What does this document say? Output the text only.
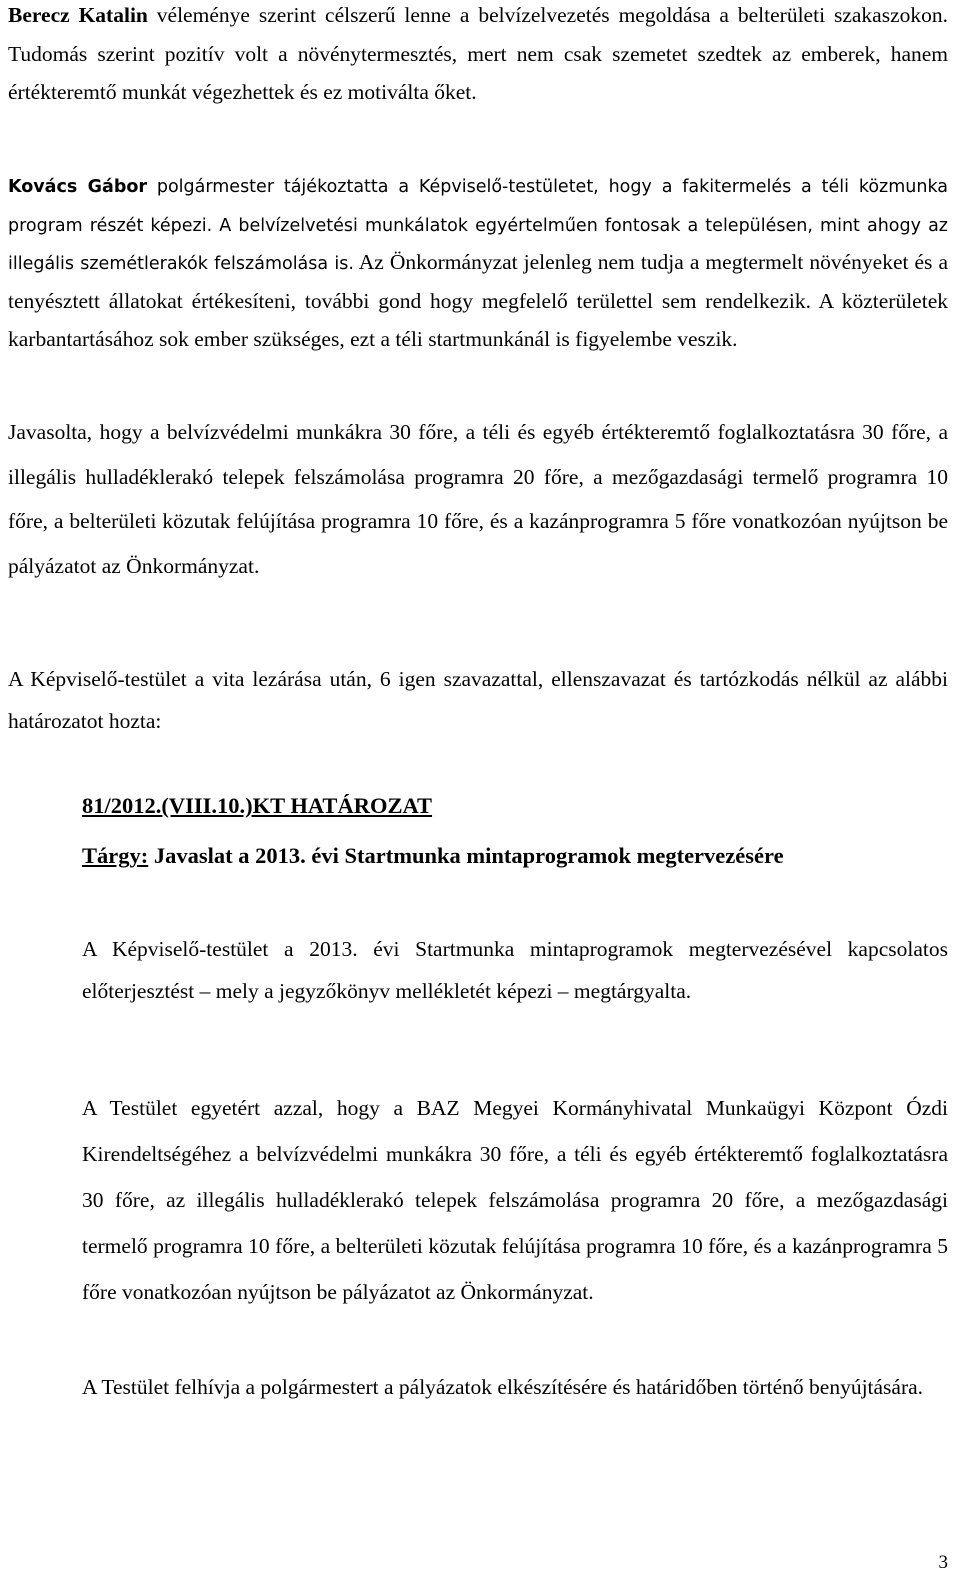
Berecz Katalin véleménye szerint célszerű lenne a belvízelvezetés megoldása a belterületi szakaszokon. Tudomás szerint pozitív volt a növénytermesztés, mert nem csak szemetet szedtek az emberek, hanem értékteremtő munkát végezhettek és ez motiválta őket.

Kovács Gábor polgármester tájékoztatta a Képviselő-testületet, hogy a fakitermelés a téli közmunka program részét képezi. A belvízelvetési munkálatok egyértelműen fontosak a településen, mint ahogy az illegális szemétlerakók felszámolása is. Az Önkormányzat jelenleg nem tudja a megtermelt növényeket és a tenyésztett állatokat értékesíteni, további gond hogy megfelelő területtel sem rendelkezik. A közterületek karbantartásához sok ember szükséges, ezt a téli startmunkánál is figyelembe veszik.

Javasolta, hogy a belvízvédelmi munkákra 30 főre, a téli és egyéb értékteremtő foglalkoztatásra 30 főre, a illegális hulladéklerakó telepek felszámolása programra 20 főre, a mezőgazdasági termelő programra 10 főre, a belterületi közutak felújítása programra 10 főre, és a kazánprogramra 5 főre vonatkozóan nyújtson be pályázatot az Önkormányzat.

A Képviselő-testület a vita lezárása után, 6 igen szavazattal, ellenszavazat és tartózkodás nélkül az alábbi határozatot hozta:

81/2012.(VIII.10.)KT HATÁROZAT
Tárgy: Javaslat a 2013. évi Startmunka mintaprogramok megtervezésére

A Képviselő-testület a 2013. évi Startmunka mintaprogramok megtervezésével kapcsolatos előterjesztést – mely a jegyzőkönyv mellékletét képezi – megtárgyalta.

A Testület egyetért azzal, hogy a BAZ Megyei Kormányhivatal Munkaügyi Központ Ózdi Kirendeltségéhez a belvízvédelmi munkákra 30 főre, a téli és egyéb értékteremtő foglalkoztatásra 30 főre, az illegális hulladéklerakó telepek felszámolása programra 20 főre, a mezőgazdasági termelő programra 10 főre, a belterületi közutak felújítása programra 10 főre, és a kazánprogramra 5 főre vonatkozóan nyújtson be pályázatot az Önkormányzat.

A Testület felhívja a polgármestert a pályázatok elkészítésére és határidőben történő benyújtására.

3
